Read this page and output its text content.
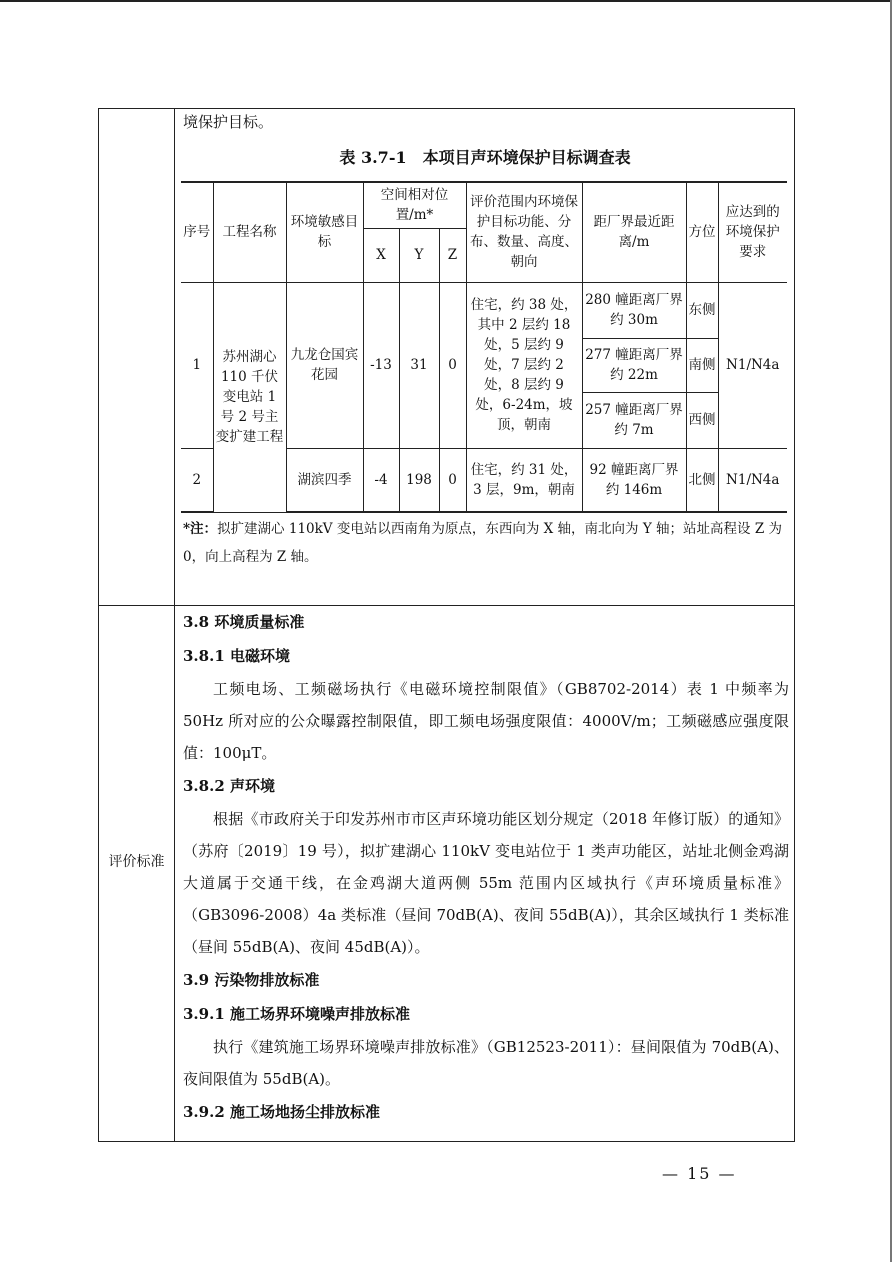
境保护目标。
表 3.7-1　本项目声环境保护目标调查表
序号	工程名称	环境敏感目标	空间相对位置/m*			评价范围内环境保护目标功能、分布、数量、高度、朝向	距厂界最近距离/m	方位	应达到的环境保护要求
			X	Y	Z				
1	苏州湖心 110 千伏变电站 1 号 2 号主变扩建工程	九龙仓国宾花园	-13	31	0	住宅，约 38 处，其中 2 层约 18 处，5 层约 9 处，7 层约 2 处，8 层约 9 处，6-24m，坡顶，朝南	280 幢距离厂界约 30m	东侧	N1/N4a
							277 幢距离厂界约 22m	南侧	
							257 幢距离厂界约 7m	西侧	
2		湖滨四季	-4	198	0	住宅，约 31 处，3 层，9m，朝南	92 幢距离厂界约 146m	北侧	N1/N4a
*注：拟扩建湖心 110kV 变电站以西南角为原点，东西向为 X 轴，南北向为 Y 轴；站址高程设 Z 为 0，向上高程为 Z 轴。
评价标准
3.8 环境质量标准
3.8.1 电磁环境

工频电场、工频磁场执行《电磁环境控制限值》（GB8702-2014）表 1 中频率为 50Hz 所对应的公众曝露控制限值，即工频电场强度限值：4000V/m；工频磁感应强度限值：100μT。

3.8.2 声环境

根据《市政府关于印发苏州市市区声环境功能区划分规定（2018 年修订版）的通知》（苏府〔2019〕19 号），拟扩建湖心 110kV 变电站位于 1 类声功能区，站址北侧金鸡湖大道属于交通干线，在金鸡湖大道两侧 55m 范围内区域执行《声环境质量标准》（GB3096-2008）4a 类标准（昼间 70dB(A)、夜间 55dB(A)），其余区域执行 1 类标准（昼间 55dB(A)、夜间 45dB(A)）。

3.9 污染物排放标准
3.9.1 施工场界环境噪声排放标准

执行《建筑施工场界环境噪声排放标准》（GB12523-2011）：昼间限值为 70dB(A)、夜间限值为 55dB(A)。

3.9.2 施工场地扬尘排放标准
— 15 —
